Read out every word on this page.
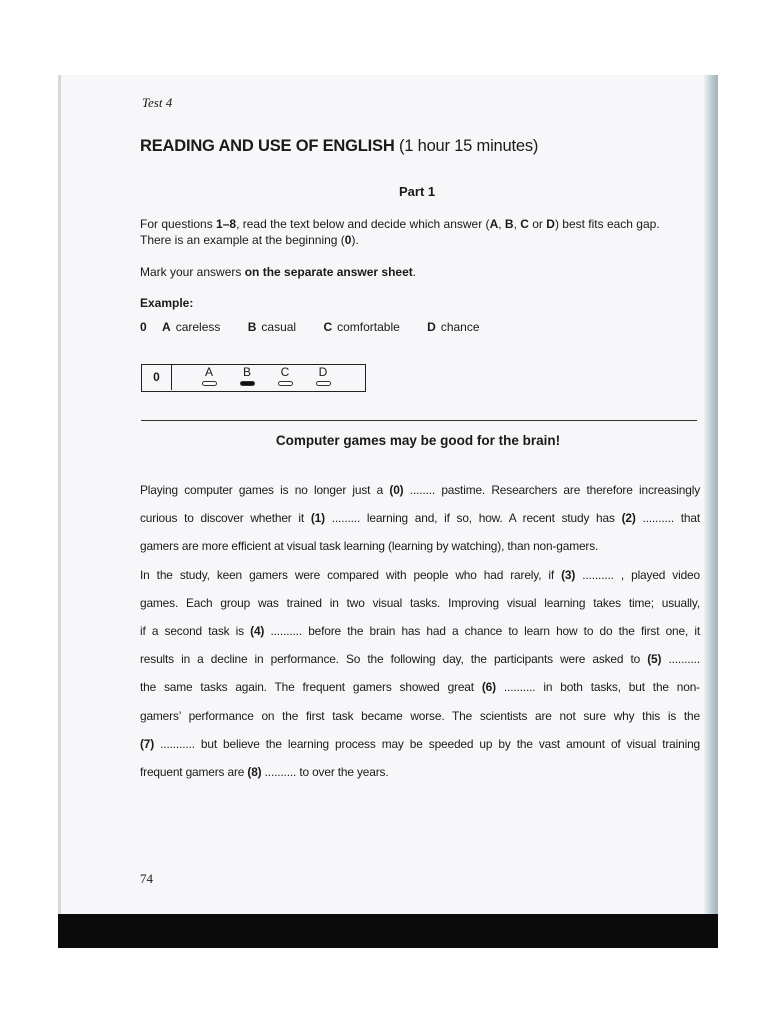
Test 4
READING AND USE OF ENGLISH (1 hour 15 minutes)
Part 1
For questions 1–8, read the text below and decide which answer (A, B, C or D) best fits each gap.
There is an example at the beginning (0).
Mark your answers on the separate answer sheet.
Example:
0 A careless B casual C comfortable D chance
0	A	B	C	D
Computer games may be good for the brain!
Playing computer games is no longer just a (0) ........ pastime. Researchers are therefore increasingly
curious to discover whether it (1) ......... learning and, if so, how. A recent study has (2) .......... that
gamers are more efficient at visual task learning (learning by watching), than non-gamers.
In the study, keen gamers were compared with people who had rarely, if (3) .......... , played video
games. Each group was trained in two visual tasks. Improving visual learning takes time; usually,
if a second task is (4) .......... before the brain has had a chance to learn how to do the first one, it
results in a decline in performance. So the following day, the participants were asked to (5) ..........
the same tasks again. The frequent gamers showed great (6) .......... in both tasks, but the non-
gamers’ performance on the first task became worse. The scientists are not sure why this is the
(7) ........... but believe the learning process may be speeded up by the vast amount of visual training
frequent gamers are (8) .......... to over the years.
74
